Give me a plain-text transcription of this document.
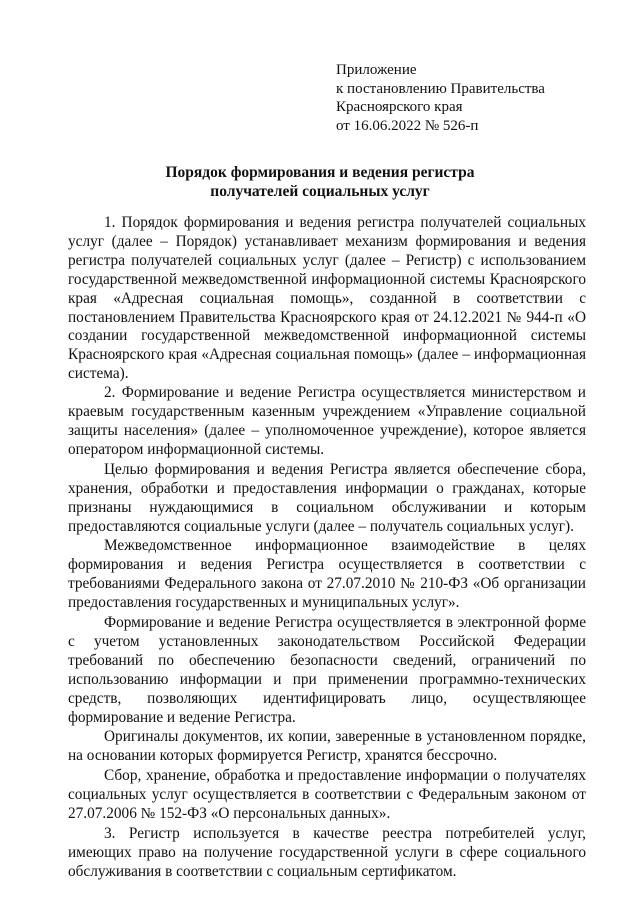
Приложение
к постановлению Правительства
Красноярского края
от 16.06.2022 № 526-п
Порядок формирования и ведения регистра
получателей социальных услуг

1. Порядок формирования и ведения регистра получателей социальных услуг (далее – Порядок) устанавливает механизм формирования и ведения регистра получателей социальных услуг (далее – Регистр) с использованием государственной межведомственной информационной системы Красноярского края «Адресная социальная помощь», созданной в соответствии с постановлением Правительства Красноярского края от 24.12.2021 № 944-п «О создании государственной межведомственной информационной системы Красноярского края «Адресная социальная помощь» (далее – информационная система).

2. Формирование и ведение Регистра осуществляется министерством и краевым государственным казенным учреждением «Управление социальной защиты населения» (далее – уполномоченное учреждение), которое является оператором информационной системы.

Целью формирования и ведения Регистра является обеспечение сбора, хранения, обработки и предоставления информации о гражданах, которые признаны нуждающимися в социальном обслуживании и которым предоставляются социальные услуги (далее – получатель социальных услуг).

Межведомственное информационное взаимодействие в целях формирования и ведения Регистра осуществляется в соответствии с требованиями Федерального закона от 27.07.2010 № 210-ФЗ «Об организации предоставления государственных и муниципальных услуг».

Формирование и ведение Регистра осуществляется в электронной форме с учетом установленных законодательством Российской Федерации требований по обеспечению безопасности сведений, ограничений по использованию информации и при применении программно-технических средств, позволяющих идентифицировать лицо, осуществляющее формирование и ведение Регистра.

Оригиналы документов, их копии, заверенные в установленном порядке, на основании которых формируется Регистр, хранятся бессрочно.

Сбор, хранение, обработка и предоставление информации о получателях социальных услуг осуществляется в соответствии с Федеральным законом от 27.07.2006 № 152-ФЗ «О персональных данных».

3. Регистр используется в качестве реестра потребителей услуг, имеющих право на получение государственной услуги в сфере социального обслуживания в соответствии с социальным сертификатом.
